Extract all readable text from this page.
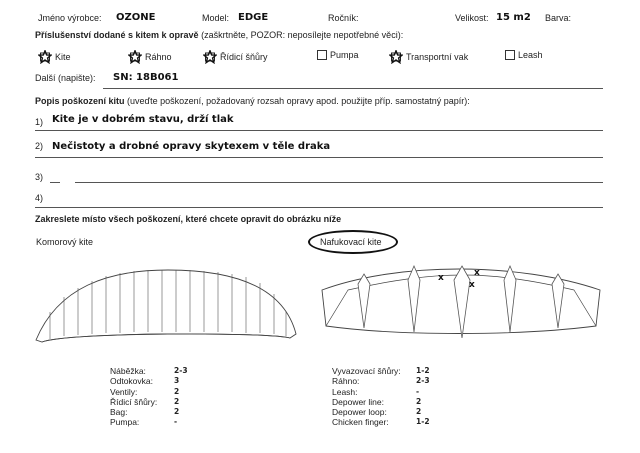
Jméno výrobce: OZONE	Model: EDGE	Ročník:	Velikost: 15 m2 Barva:
Příslušenství dodané s kitem k opravě (zaškrtněte, POZOR: neposílejte nepotřebné věci):
Kite	Ráhno	Řídicí šňůry	Pumpa	Transportní vak	Leash
Další (napište): SN: 18B061
Popis poškození kitu (uveďte poškození, požadovaný rozsah opravy apod. použijte příp. samostatný papír):
1) Kite je v dobrém stavu, drží tlak
2) Nečistoty a drobné opravy skytexem v těle draka
3)
4)
Zakreslete místo všech poškození, které chcete opravit do obrázku níže
Komorový kite	Nafukovací kite
x	x
x
Náběžka:	2-3
Odtokovka:	3
Ventily:	2
Řídicí šňůry:	2
Bag:	2
Pumpa:	-
Vyvazovací šňůry:	1-2
Ráhno:	2-3
Leash:	-
Depower line:	2
Depower loop:	2
Chicken finger:	1-2
